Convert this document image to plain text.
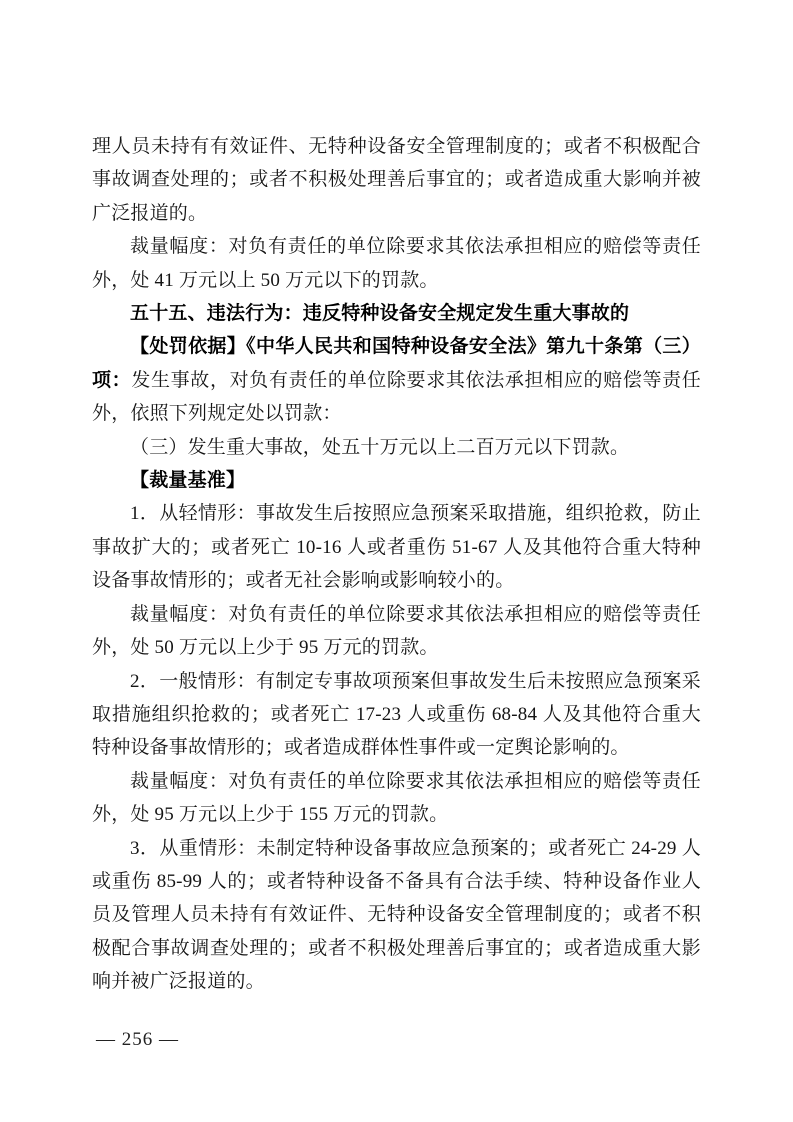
理人员未持有有效证件、无特种设备安全管理制度的；或者不积极配合事故调查处理的；或者不积极处理善后事宜的；或者造成重大影响并被广泛报道的。

裁量幅度：对负有责任的单位除要求其依法承担相应的赔偿等责任外，处 41 万元以上 50 万元以下的罚款。

五十五、违法行为：违反特种设备安全规定发生重大事故的

【处罚依据】《中华人民共和国特种设备安全法》第九十条第（三）项：发生事故，对负有责任的单位除要求其依法承担相应的赔偿等责任外，依照下列规定处以罚款：

（三）发生重大事故，处五十万元以上二百万元以下罚款。

【裁量基准】

1．从轻情形：事故发生后按照应急预案采取措施，组织抢救，防止事故扩大的；或者死亡 10-16 人或者重伤 51-67 人及其他符合重大特种设备事故情形的；或者无社会影响或影响较小的。

裁量幅度：对负有责任的单位除要求其依法承担相应的赔偿等责任外，处 50 万元以上少于 95 万元的罚款。

2．一般情形：有制定专事故项预案但事故发生后未按照应急预案采取措施组织抢救的；或者死亡 17-23 人或重伤 68-84 人及其他符合重大特种设备事故情形的；或者造成群体性事件或一定舆论影响的。

裁量幅度：对负有责任的单位除要求其依法承担相应的赔偿等责任外，处 95 万元以上少于 155 万元的罚款。

3．从重情形：未制定特种设备事故应急预案的；或者死亡 24-29 人或重伤 85-99 人的；或者特种设备不备具有合法手续、特种设备作业人员及管理人员未持有有效证件、无特种设备安全管理制度的；或者不积极配合事故调查处理的；或者不积极处理善后事宜的；或者造成重大影响并被广泛报道的。

— 256 —
